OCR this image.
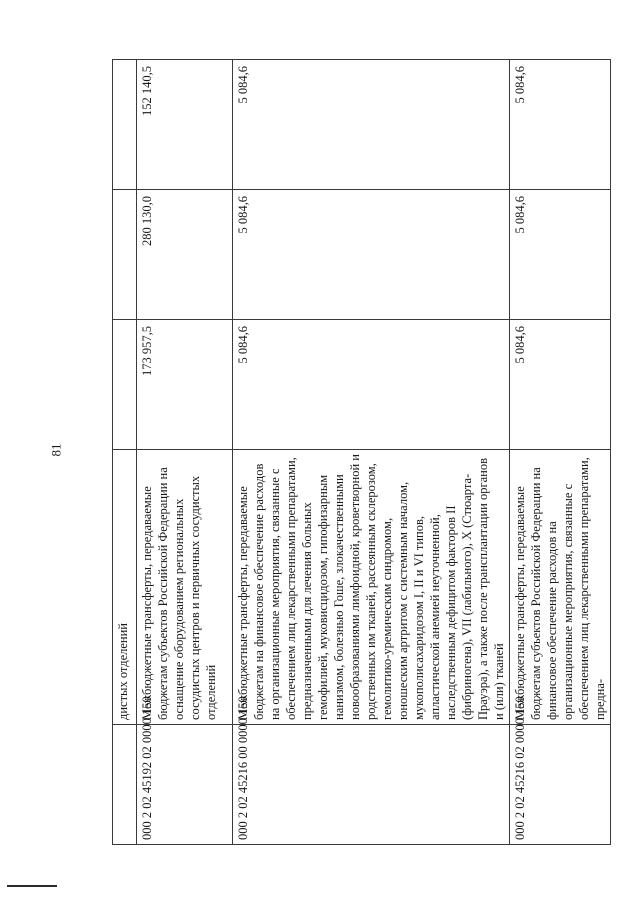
81
	дистых отделений			
000 2 02 45192 02 0000 150	Межбюджетные трансферты, передаваемые бюджетам субъектов Российской Федерации на оснащение оборудованием региональных сосудистых центров и первичных сосудистых отделений	173 957,5	280 130,0	152 140,5
000 2 02 45216 00 0000 150	Межбюджетные трансферты, передаваемые бюджетам на финансовое обеспечение расходов на организационные мероприятия, связанные с обеспечением лиц лекарственными препаратами, предназначенными для лечения больных гемофилией, муковисцидозом, гипофизарным нанизмом, болезнью Гоше, злокачественными новообразованиями лимфоидной, кроветворной и родственных им тканей, рассеянным склерозом, гемолитико-уремическим синдромом, юношеским артритом с системным началом, мукополисахаридозом I, II и VI типов, апластической анемией неуточненной, наследственным дефицитом факторов II (фибриногена), VII (лабильного), X (Стюарта-Прауэра), а также после трансплантации органов и (или) тканей	5 084,6	5 084,6	5 084,6
000 2 02 45216 02 0000 150	Межбюджетные трансферты, передаваемые бюджетам субъектов Российской Федерации на финансовое обеспечение расходов на организационные мероприятия, связанные с обеспечением лиц лекарственными препаратами, предна-	5 084,6	5 084,6	5 084,6
